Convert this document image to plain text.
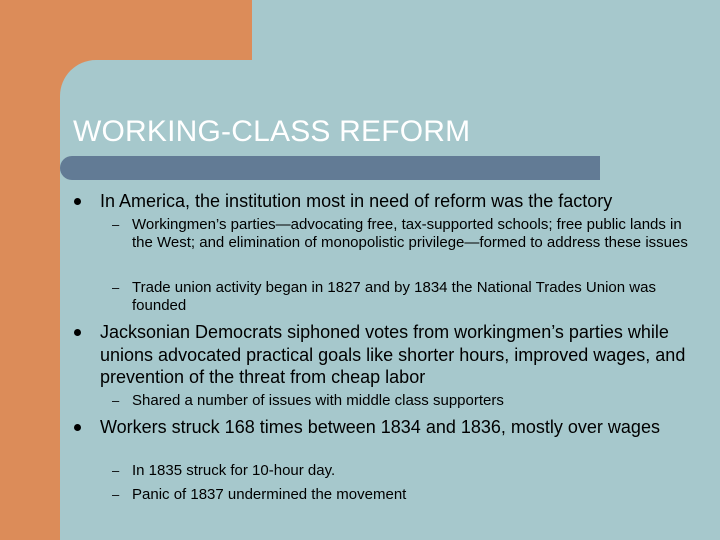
WORKING-CLASS REFORM
In America, the institution most in need of reform was the factory
– Workingmen’s parties—advocating free, tax-supported schools; free public lands in the West; and elimination of monopolistic privilege—formed to address these issues
– Trade union activity began in 1827 and by 1834 the National Trades Union was founded
Jacksonian Democrats siphoned votes from workingmen’s parties while unions advocated practical goals like shorter hours, improved wages, and prevention of the threat from cheap labor
– Shared a number of issues with middle class supporters
Workers struck 168 times between 1834 and 1836, mostly over wages
– In 1835 struck for 10-hour day.
– Panic of 1837 undermined the movement
